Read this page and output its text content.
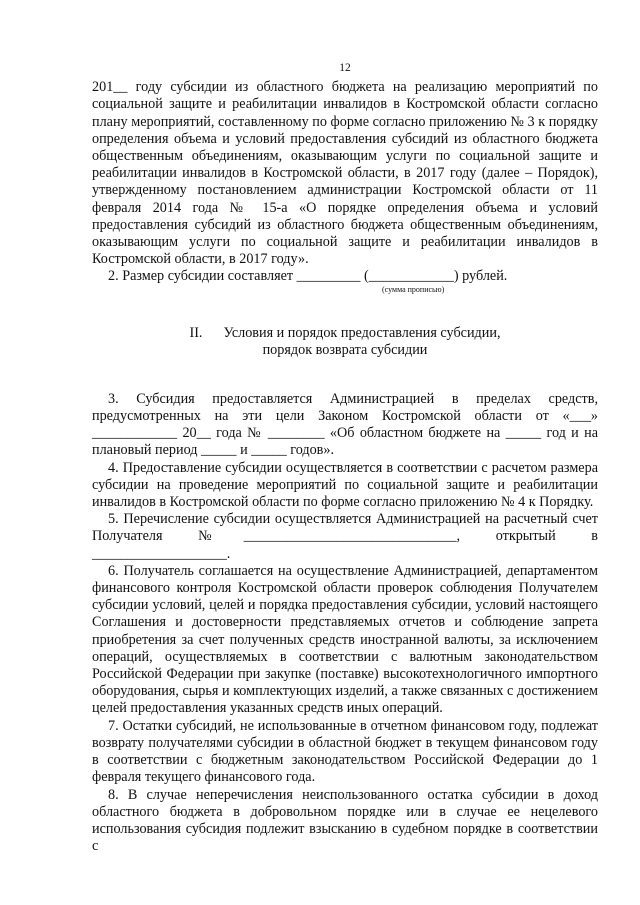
12

201__ году субсидии из областного бюджета на реализацию мероприятий по социальной защите и реабилитации инвалидов в Костромской области согласно плану мероприятий, составленному по форме согласно приложению № 3 к порядку определения объема и условий предоставления субсидий из областного бюджета общественным объединениям, оказывающим услуги по социальной защите и реабилитации инвалидов в Костромской области, в 2017 году (далее – Порядок), утвержденному постановлением администрации Костромской области от 11 февраля 2014 года № 15-а «О порядке определения объема и условий предоставления субсидий из областного бюджета общественным объединениям, оказывающим услуги по социальной защите и реабилитации инвалидов в Костромской области, в 2017 году».

2. Размер субсидии составляет _________ (____________) рублей.

(сумма прописью)
II. Условия и порядок предоставления субсидии,
порядок возврата субсидии

3. Субсидия предоставляется Администрацией в пределах средств, предусмотренных на эти цели Законом Костромской области от «___» ____________ 20__ года № ________ «Об областном бюджете на _____ год и на плановый период _____ и _____ годов».

4. Предоставление субсидии осуществляется в соответствии с расчетом размера субсидии на проведение мероприятий по социальной защите и реабилитации инвалидов в Костромской области по форме согласно приложению № 4 к Порядку.

5. Перечисление субсидии осуществляется Администрацией на расчетный счет Получателя №______________________________, открытый в ___________________.

6. Получатель соглашается на осуществление Администрацией, департаментом финансового контроля Костромской области проверок соблюдения Получателем субсидии условий, целей и порядка предоставления субсидии, условий настоящего Соглашения и достоверности представляемых отчетов и соблюдение запрета приобретения за счет полученных средств иностранной валюты, за исключением операций, осуществляемых в соответствии с валютным законодательством Российской Федерации при закупке (поставке) высокотехнологичного импортного оборудования, сырья и комплектующих изделий, а также связанных с достижением целей предоставления указанных средств иных операций.

7. Остатки субсидий, не использованные в отчетном финансовом году, подлежат возврату получателями субсидии в областной бюджет в текущем финансовом году в соответствии с бюджетным законодательством Российской Федерации до 1 февраля текущего финансового года.

8. В случае неперечисления неиспользованного остатка субсидии в доход областного бюджета в добровольном порядке или в случае ее нецелевого использования субсидия подлежит взысканию в судебном порядке в соответствии с
